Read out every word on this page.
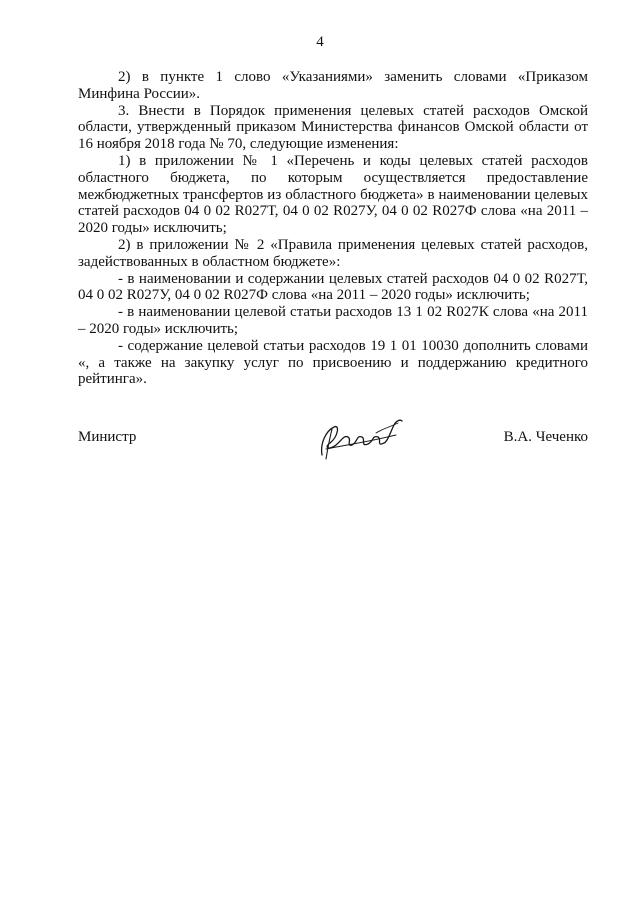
4

2) в пункте 1 слово «Указаниями» заменить словами «Приказом Минфина России».

3. Внести в Порядок применения целевых статей расходов Омской области, утвержденный приказом Министерства финансов Омской области от 16 ноября 2018 года № 70, следующие изменения:

1) в приложении № 1 «Перечень и коды целевых статей расходов областного бюджета, по которым осуществляется предоставление межбюджетных трансфертов из областного бюджета» в наименовании целевых статей расходов 04 0 02 R027Т, 04 0 02 R027У, 04 0 02 R027Ф слова «на 2011 – 2020 годы» исключить;

2) в приложении № 2 «Правила применения целевых статей расходов, задействованных в областном бюджете»:

- в наименовании и содержании целевых статей расходов 04 0 02 R027Т, 04 0 02 R027У, 04 0 02 R027Ф слова «на 2011 – 2020 годы» исключить;

- в наименовании целевой статьи расходов 13 1 02 R027К слова «на 2011 – 2020 годы» исключить;

- содержание целевой статьи расходов 19 1 01 10030 дополнить словами «, а также на закупку услуг по присвоению и поддержанию кредитного рейтинга».

Министр	В.А. Чеченко
